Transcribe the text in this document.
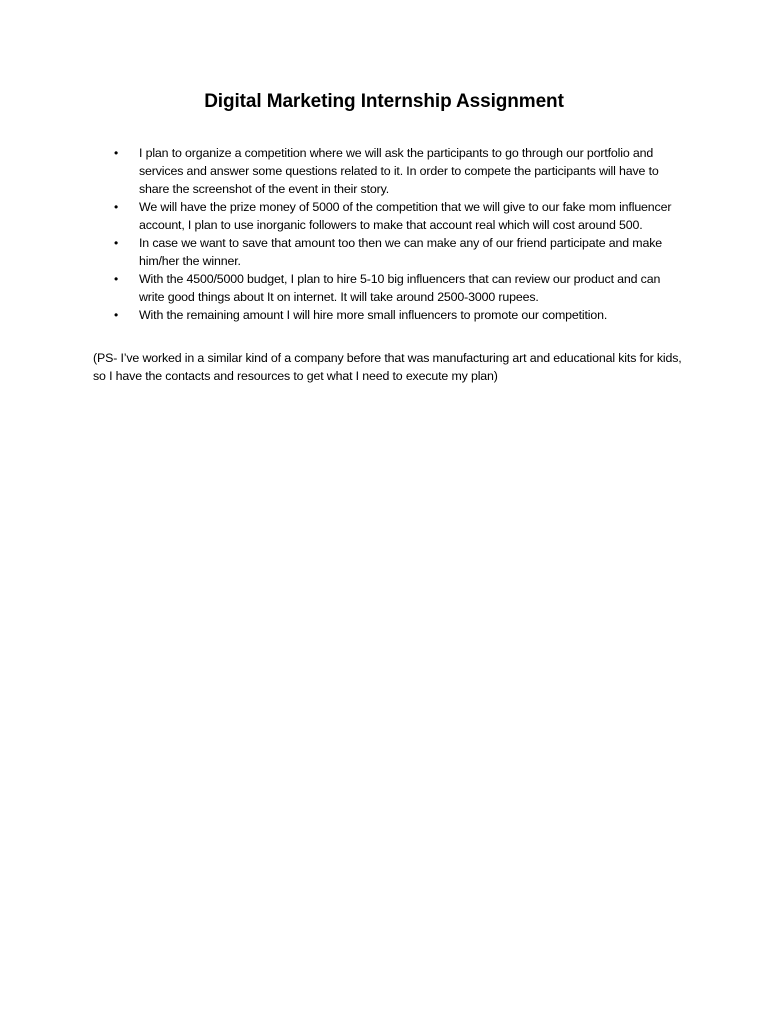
Digital Marketing Internship Assignment
• I plan to organize a competition where we will ask the participants to go through our portfolio and services and answer some questions related to it. In order to compete the participants will have to share the screenshot of the event in their story.
• We will have the prize money of 5000 of the competition that we will give to our fake mom influencer account, I plan to use inorganic followers to make that account real which will cost around 500.
• In case we want to save that amount too then we can make any of our friend participate and make him/her the winner.
• With the 4500/5000 budget, I plan to hire 5-10 big influencers that can review our product and can write good things about It on internet. It will take around 2500-3000 rupees.
• With the remaining amount I will hire more small influencers to promote our competition.

(PS- I’ve worked in a similar kind of a company before that was manufacturing art and educational kits for kids, so I have the contacts and resources to get what I need to execute my plan)
